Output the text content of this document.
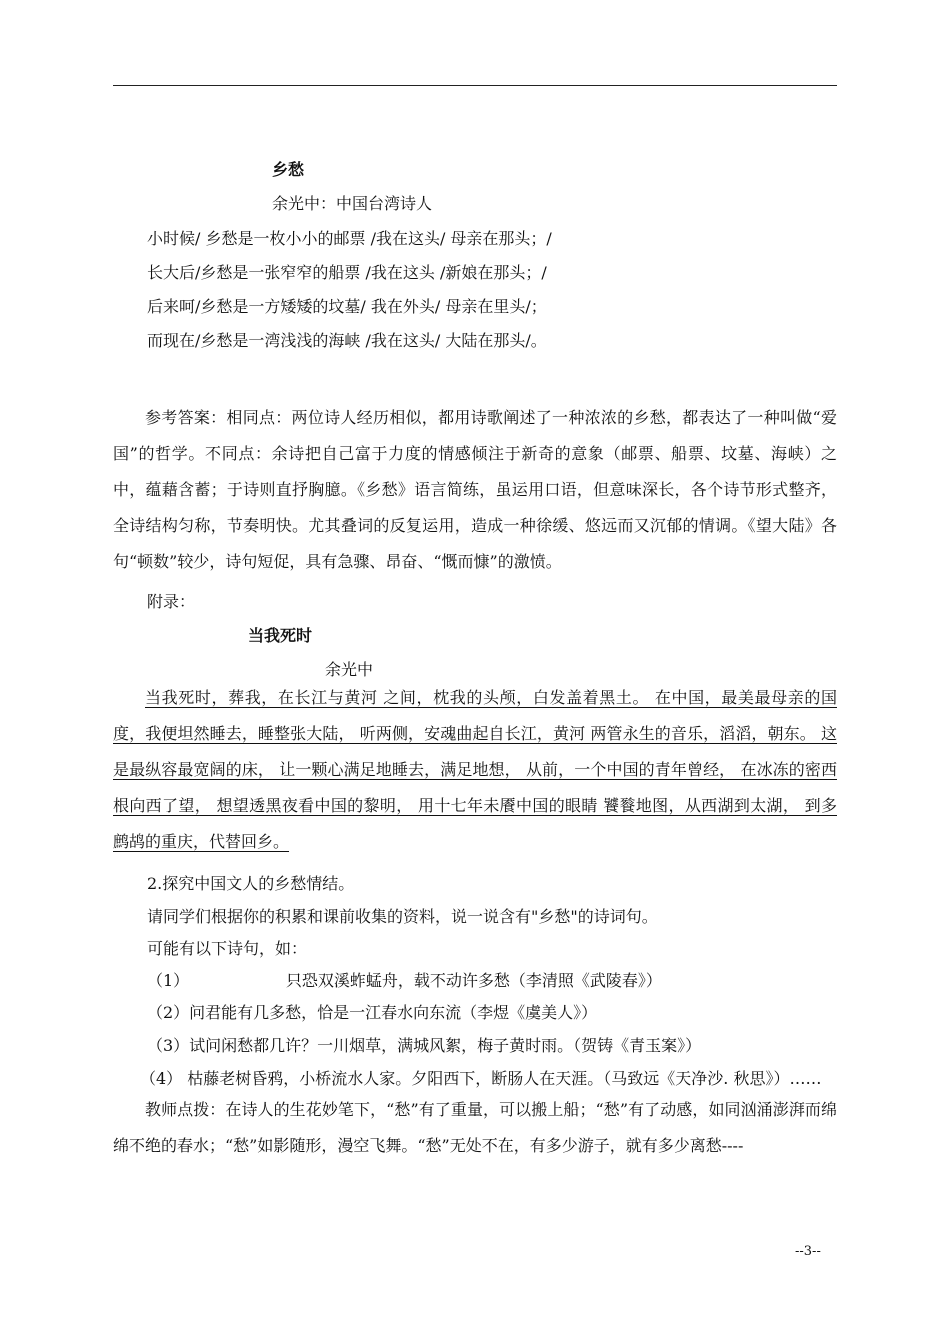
乡愁
余光中：中国台湾诗人
小时候/ 乡愁是一枚小小的邮票 /我在这头/ 母亲在那头；/
长大后/乡愁是一张窄窄的船票 /我在这头 /新娘在那头；/
后来呵/乡愁是一方矮矮的坟墓/ 我在外头/ 母亲在里头/；
而现在/乡愁是一湾浅浅的海峡 /我在这头/ 大陆在那头/。
参考答案：相同点：两位诗人经历相似，都用诗歌阐述了一种浓浓的乡愁，都表达了一种叫做“爱国”的哲学。不同点：余诗把自己富于力度的情感倾注于新奇的意象（邮票、船票、坟墓、海峡）之中，蕴藉含蓄；于诗则直抒胸臆。《乡愁》语言简练，虽运用口语，但意味深长，各个诗节形式整齐，全诗结构匀称，节奏明快。尤其叠词的反复运用，造成一种徐缓、悠远而又沉郁的情调。《望大陆》各句“顿数”较少，诗句短促，具有急骤、昂奋、“慨而慷”的激愤。
附录：
当我死时
余光中
当我死时，葬我，在长江与黄河 之间，枕我的头颅，白发盖着黑土。 在中国，最美最母亲的国度，我便坦然睡去，睡整张大陆， 听两侧，安魂曲起自长江，黄河 两管永生的音乐，滔滔，朝东。 这是最纵容最宽阔的床， 让一颗心满足地睡去，满足地想， 从前，一个中国的青年曾经， 在冰冻的密西根向西了望， 想望透黑夜看中国的黎明， 用十七年未餍中国的眼睛 饕餮地图，从西湖到太湖， 到多鹧鸪的重庆，代替回乡。
2.探究中国文人的乡愁情结。
请同学们根据你的积累和课前收集的资料，说一说含有"乡愁"的诗词句。
可能有以下诗句，如：
（1）                   只恐双溪蚱蜢舟，载不动许多愁（李清照《武陵春》）
（2）问君能有几多愁，恰是一江春水向东流（李煜《虞美人》）
（3）试问闲愁都几许？一川烟草，满城风絮，梅子黄时雨。（贺铸《青玉案》）
（4） 枯藤老树昏鸦，小桥流水人家。夕阳西下，断肠人在天涯。（马致远《天净沙. 秋思》）……
教师点拨：在诗人的生花妙笔下，“愁”有了重量，可以搬上船；“愁”有了动感，如同汹涌澎湃而绵绵不绝的春水；“愁”如影随形，漫空飞舞。“愁”无处不在，有多少游子，就有多少离愁----
--3--
